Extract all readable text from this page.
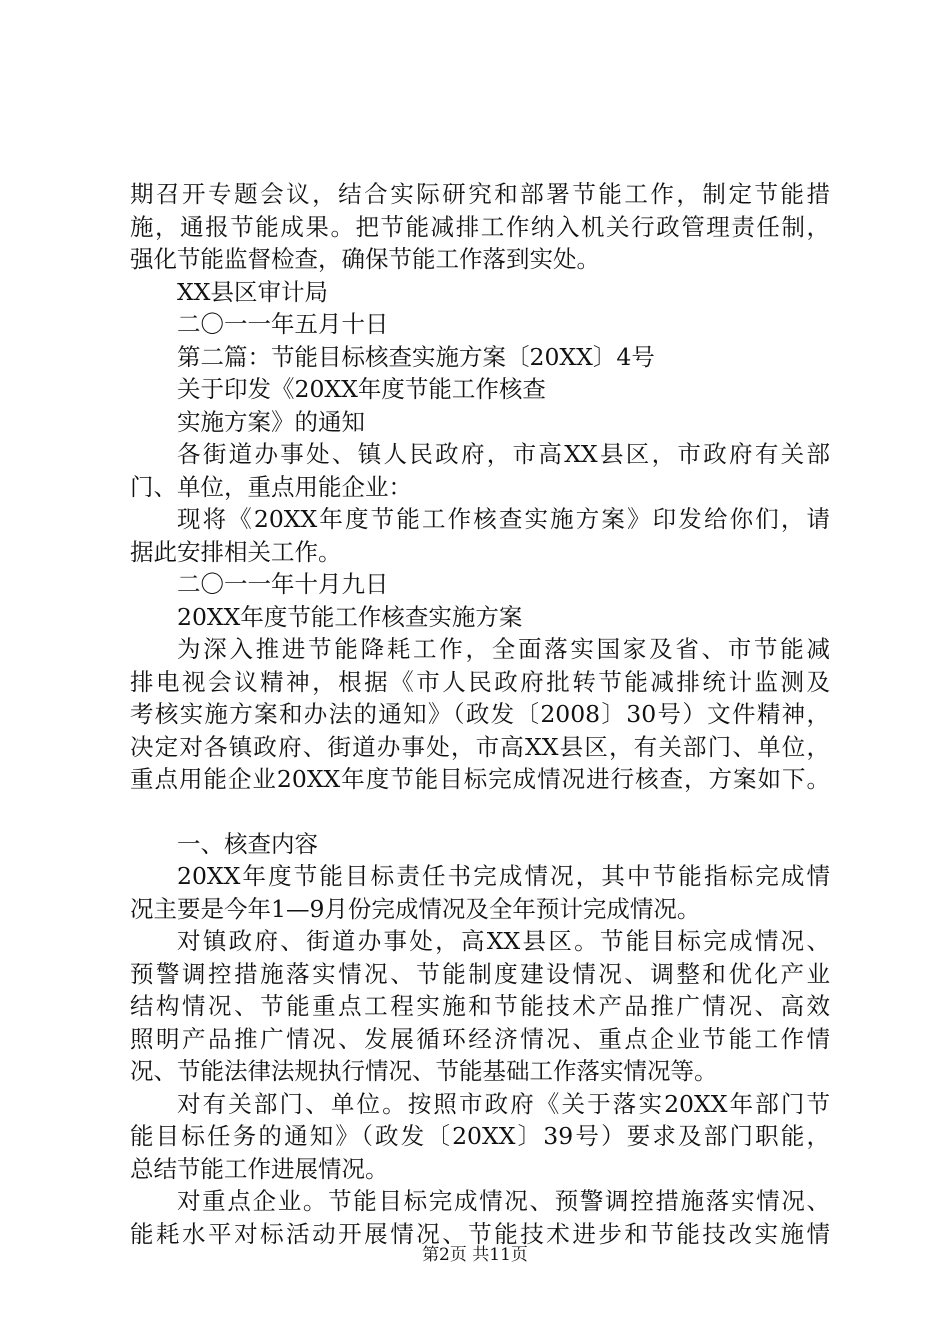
期召开专题会议，结合实际研究和部署节能工作，制定节能措
施，通报节能成果。把节能减排工作纳入机关行政管理责任制，
强化节能监督检查，确保节能工作落到实处。
XX县区审计局
二〇一一年五月十日
第二篇：节能目标核查实施方案〔20XX〕4号
关于印发《20XX年度节能工作核查
实施方案》的通知
各街道办事处、镇人民政府，市高XX县区，市政府有关部
门、单位，重点用能企业：
现将《20XX年度节能工作核查实施方案》印发给你们，请
据此安排相关工作。
二〇一一年十月九日
20XX年度节能工作核查实施方案
为深入推进节能降耗工作，全面落实国家及省、市节能减
排电视会议精神，根据《市人民政府批转节能减排统计监测及
考核实施方案和办法的通知》（政发〔2008〕30号）文件精神，
决定对各镇政府、街道办事处，市高XX县区，有关部门、单位，
重点用能企业20XX年度节能目标完成情况进行核查，方案如下。
一、核查内容
20XX年度节能目标责任书完成情况，其中节能指标完成情
况主要是今年1—9月份完成情况及全年预计完成情况。
对镇政府、街道办事处，高XX县区。节能目标完成情况、
预警调控措施落实情况、节能制度建设情况、调整和优化产业
结构情况、节能重点工程实施和节能技术产品推广情况、高效
照明产品推广情况、发展循环经济情况、重点企业节能工作情
况、节能法律法规执行情况、节能基础工作落实情况等。
对有关部门、单位。按照市政府《关于落实20XX年部门节
能目标任务的通知》（政发〔20XX〕39号）要求及部门职能，
总结节能工作进展情况。
对重点企业。节能目标完成情况、预警调控措施落实情况、
能耗水平对标活动开展情况、节能技术进步和节能技改实施情
第2页 共11页
